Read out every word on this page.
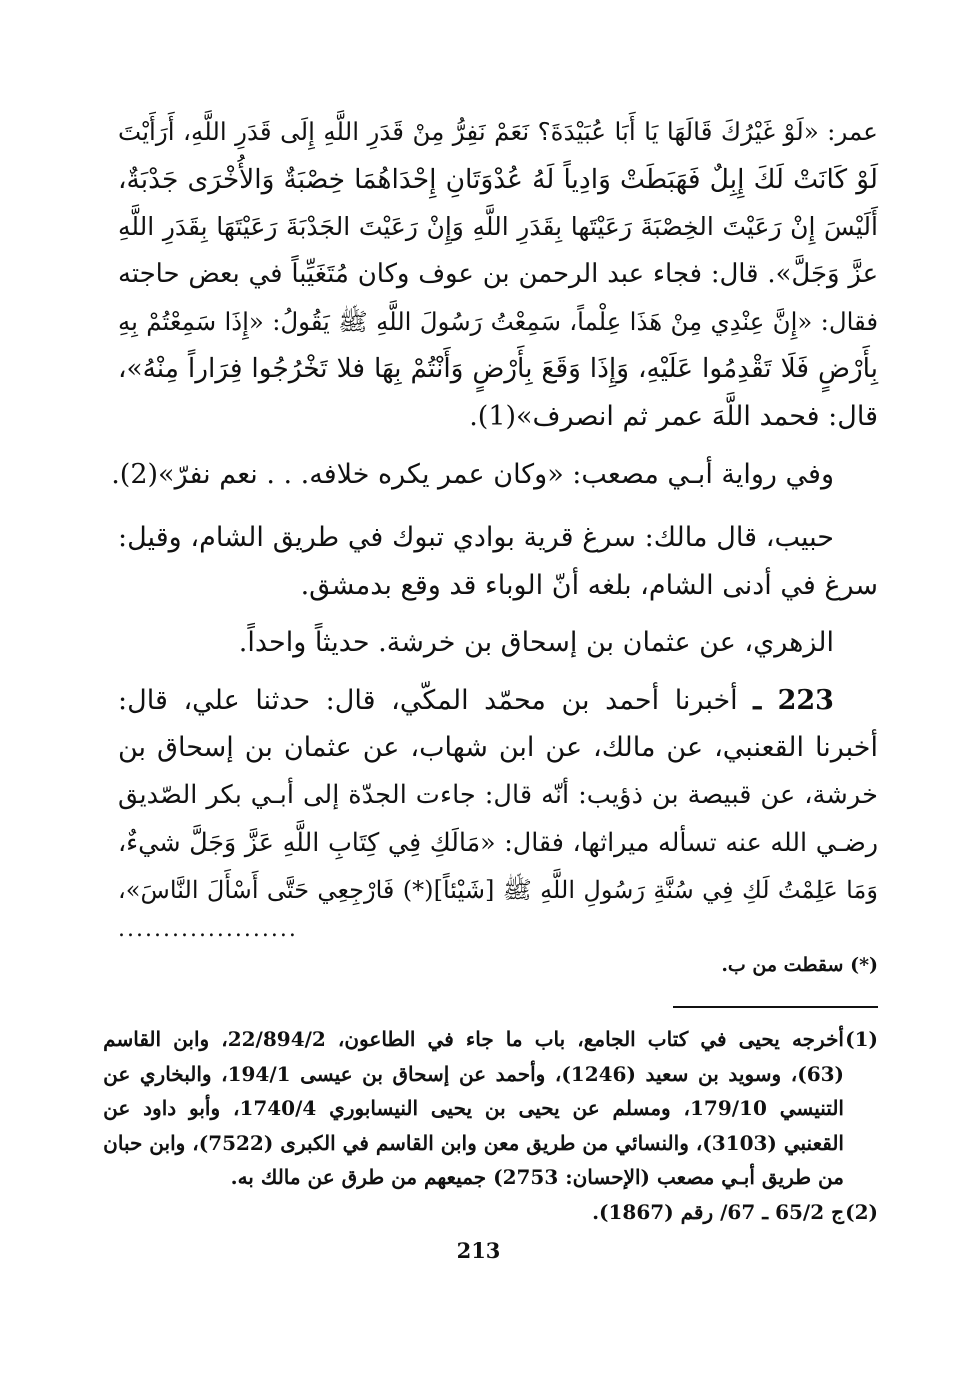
عمر: «لَوْ غَيْرُكَ قَالَهَا يَا أَبَا عُبَيْدَةَ؟ نَعَمْ نَفِرُّ مِنْ قَدَرِ اللَّهِ إِلَى قَدَرِ اللَّهِ، أَرَأَيْتَ
لَوْ كَانَتْ لَكَ إِبِلٌ فَهَبَطَتْ وَادِياً لَهُ عُدْوَتَانِ إِحْدَاهُمَا خِصْبَةٌ وَالأُخْرَى جَدْبَةٌ،
أَلَيْسَ إِنْ رَعَيْتَ الخِصْبَةَ رَعَيْتَها بِقَدَرِ اللَّهِ وَإِنْ رَعَيْتَ الجَدْبَةَ رَعَيْتَهَا بِقَدَرِ اللَّهِ
عزَّ وَجَلَّ». قال: فجاء عبد الرحمن بن عوف وكان مُتَغَيِّباً في بعض حاجته
فقال: «إِنَّ عِنْدِي مِنْ هَذَا عِلْماً، سَمِعْتُ رَسُولَ اللَّهِ ﷺ يَقُولُ: «إِذَا سَمِعْتُمْ بِهِ
بِأَرْضٍ فَلَا تَقْدِمُوا عَلَيْهِ، وَإِذَا وَقَعَ بِأَرْضٍ وَأَنْتُمْ بِهَا فلا تَخْرُجُوا فِرَاراً مِنْهُ»،
قال: فحمد اللَّهَ عمر ثم انصرف»(1).

وفي رواية أبـي مصعب: «وكان عمر يكره خلافه. . . نعم نفرّ»(2).

حبيب، قال مالك: سرغ قرية بوادي تبوك في طريق الشام، وقيل:
سرغ في أدنى الشام، بلغه أنّ الوباء قد وقع بدمشق.

الزهري، عن عثمان بن إسحاق بن خرشة. حديثاً واحداً.

223 ـ أخبرنا أحمد بن محمّد المكّي، قال: حدثنا علي، قال:
أخبرنا القعنبي، عن مالك، عن ابن شهاب، عن عثمان بن إسحاق بن
خرشة، عن قبيصة بن ذؤيب: أنّه قال: جاءت الجدّة إلى أبـي بكر الصّديق
رضـي الله عنه تسأله ميراثها، فقال: «مَالَكِ فِي كِتَابِ اللَّهِ عَزَّ وَجَلَّ شيءٌ،
وَمَا عَلِمْتُ لَكِ فِي سُنَّةِ رَسُولِ اللَّهِ ﷺ [شَيْئاً](*) فَارْجِعِي حَتَّى أَسْأَلَ النَّاسَ»،

....................
(*) سقطت من ب.
(1)
أخرجه يحيى في كتاب الجامع، باب ما جاء في الطاعون، 22/894/2، وابن القاسم
(63)، وسويد بن سعيد (1246)، وأحمد عن إسحاق بن عيسى 194/1، والبخاري عن
التنيسي 179/10، ومسلم عن يحيى بن يحيى النيسابوري 1740/4، وأبو داود عن
القعنبي (3103)، والنسائي من طريق معن وابن القاسم في الكبرى (7522)، وابن حبان
من طريق أبـي مصعب (الإحسان: 2753) جميعهم من طرق عن مالك به.
(2)
ج 65/2 ـ 67/ رقم (1867).
213
